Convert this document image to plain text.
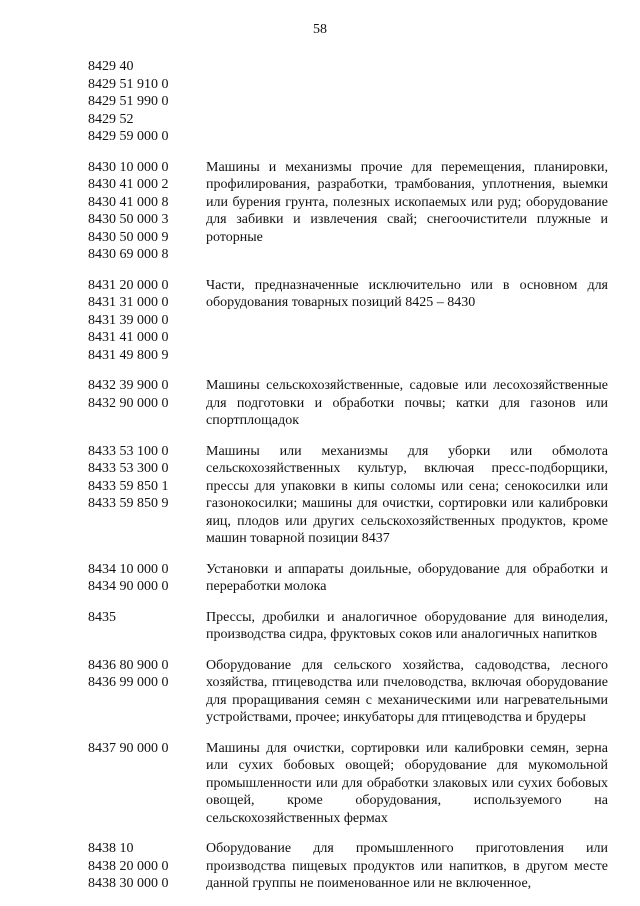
58
8429 40
8429 51 910 0
8429 51 990 0
8429 52
8429 59 000 0

8430 10 000 0
8430 41 000 2
8430 41 000 8
8430 50 000 3
8430 50 000 9
8430 69 000 8

Машины и механизмы прочие для перемещения, планировки, профилирования, разработки, трамбования, уплотнения, выемки или бурения грунта, полезных ископаемых или руд; оборудование для забивки и извлечения свай; снегоочистители плужные и роторные

8431 20 000 0
8431 31 000 0
8431 39 000 0
8431 41 000 0
8431 49 800 9

Части, предназначенные исключительно или в основном для оборудования товарных позиций 8425 – 8430

8432 39 900 0
8432 90 000 0

Машины сельскохозяйственные, садовые или лесохозяйственные для подготовки и обработки почвы; катки для газонов или спортплощадок

8433 53 100 0
8433 53 300 0
8433 59 850 1
8433 59 850 9

Машины или механизмы для уборки или обмолота сельскохозяйственных культур, включая пресс-подборщики, прессы для упаковки в кипы соломы или сена; сенокосилки или газонокосилки; машины для очистки, сортировки или калибровки яиц, плодов или других сельскохозяйственных продуктов, кроме машин товарной позиции 8437

8434 10 000 0
8434 90 000 0

Установки и аппараты доильные, оборудование для обработки и переработки молока

8435	Прессы, дробилки и аналогичное оборудование для виноделия, производства сидра, фруктовых соков или аналогичных напитков

8436 80 900 0
8436 99 000 0

Оборудование для сельского хозяйства, садоводства, лесного хозяйства, птицеводства или пчеловодства, включая оборудование для проращивания семян с механическими или нагревательными устройствами, прочее; инкубаторы для птицеводства и брудеры

8437 90 000 0	Машины для очистки, сортировки или калибровки семян, зерна или сухих бобовых овощей; оборудование для мукомольной промышленности или для обработки злаковых или сухих бобовых овощей, кроме оборудования, используемого на сельскохозяйственных фермах

8438 10
8438 20 000 0
8438 30 000 0

Оборудование для промышленного приготовления или производства пищевых продуктов или напитков, в другом месте данной группы не поименованное или не включенное,
